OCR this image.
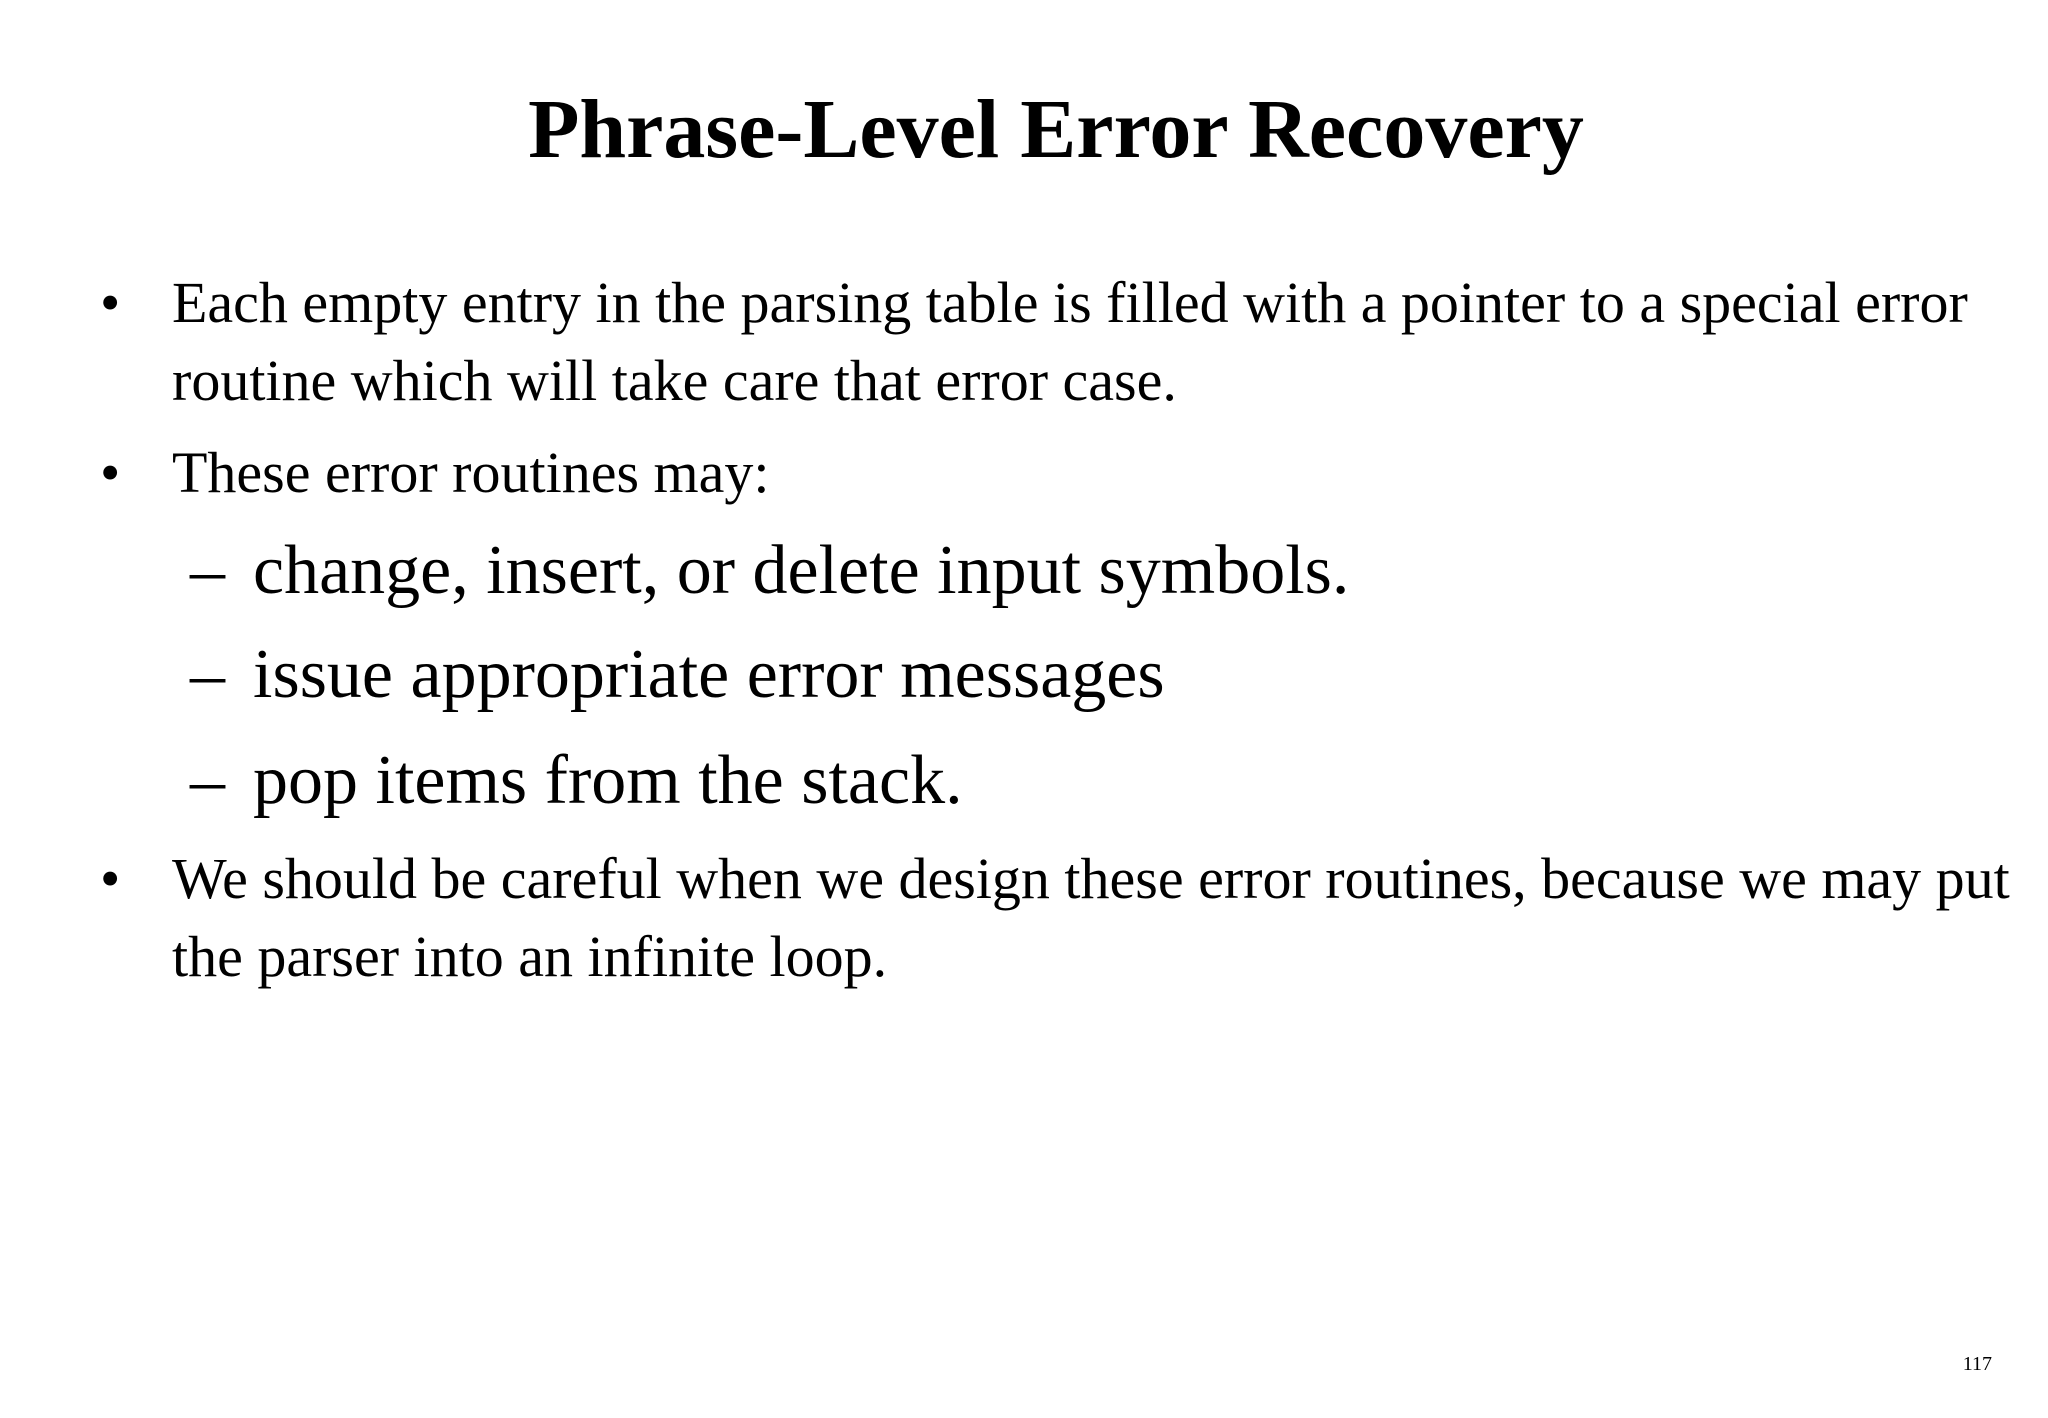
Phrase-Level Error Recovery
• Each empty entry in the parsing table is filled with a pointer to a special error routine which will take care that error case.
• These error routines may:
– change, insert, or delete input symbols.
– issue appropriate error messages
– pop items from the stack.
• We should be careful when we design these error routines, because we may put the parser into an infinite loop.
117
